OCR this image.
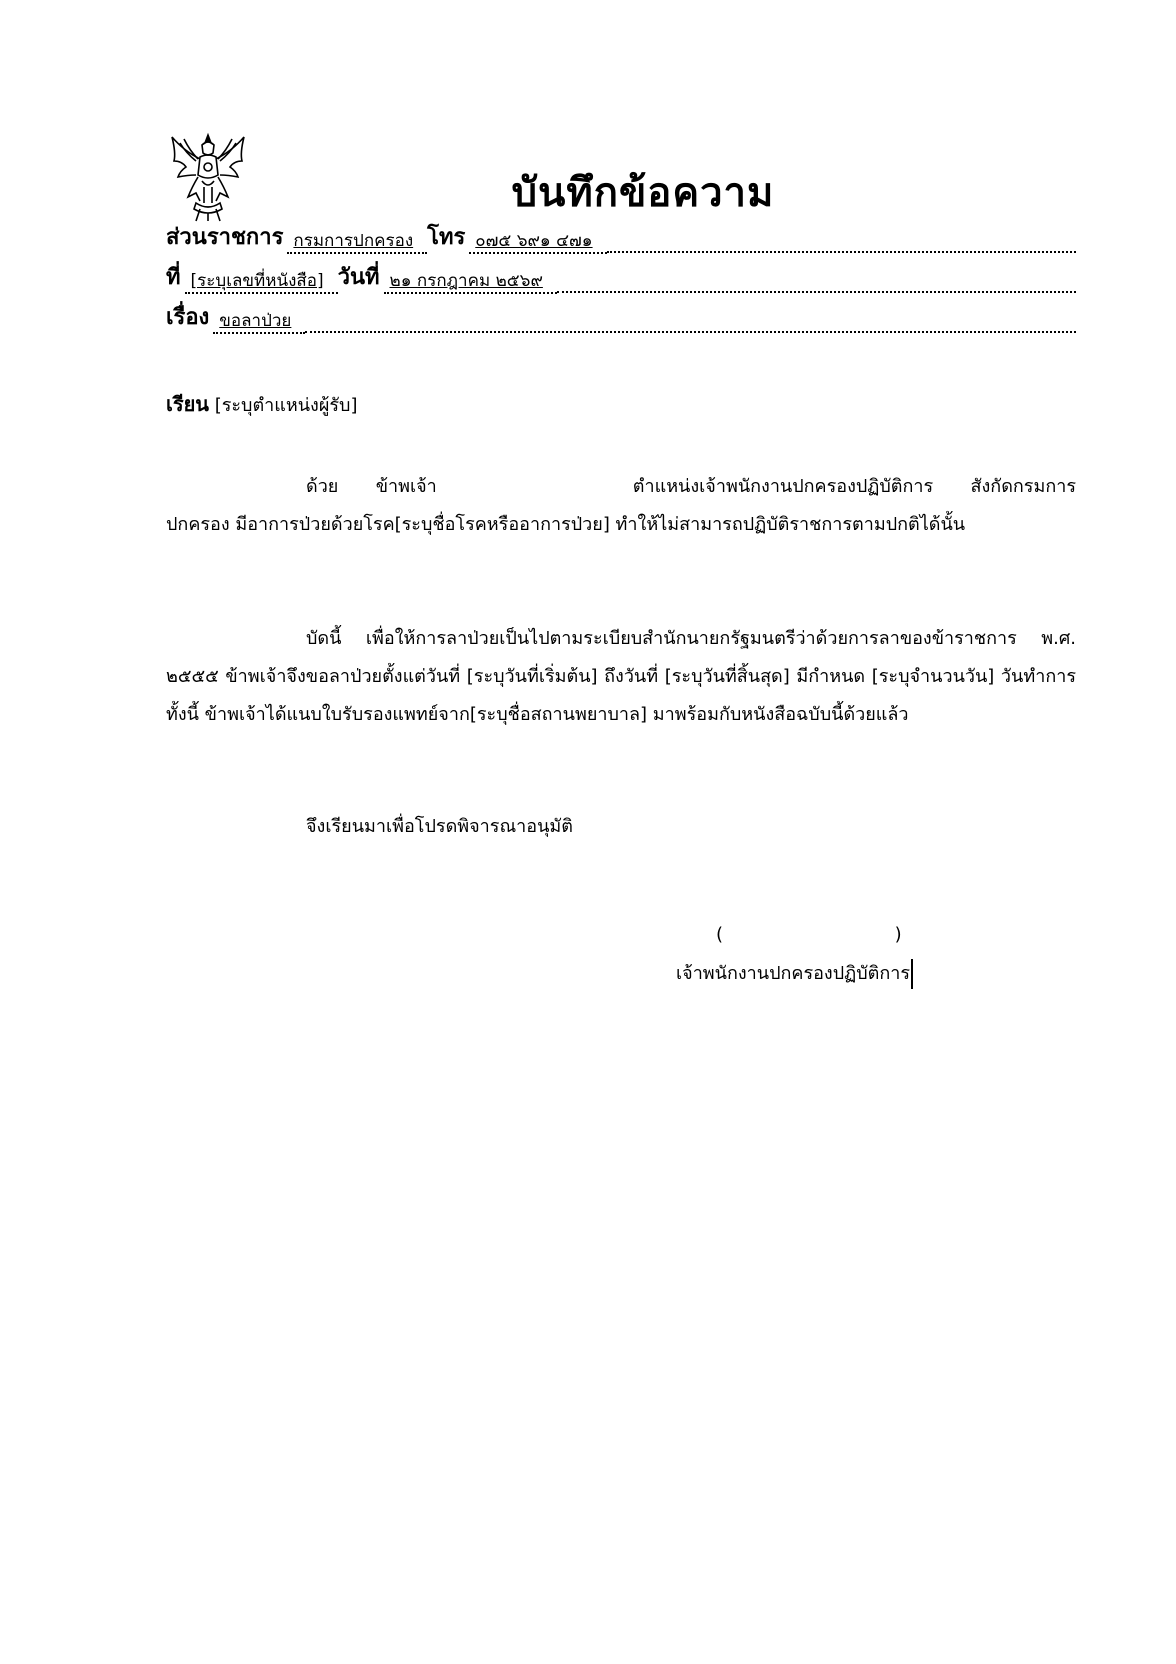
บันทึกข้อความ
ส่วนราชการ กรมการปกครอง โทร ๐๗๕ ๖๙๑ ๔๗๑
ที่ [ระบุเลขที่หนังสือ] วันที่ ๒๑ กรกฎาคม ๒๕๖๙
เรื่อง ขอลาป่วย
เรียน [ระบุตำแหน่งผู้รับ]
ด้วย ข้าพเจ้า	ตำแหน่งเจ้าพนักงานปกครองปฏิบัติการ สังกัดกรมการปกครอง มีอาการป่วยด้วยโรค[ระบุชื่อโรคหรืออาการป่วย] ทำให้ไม่สามารถปฏิบัติราชการตามปกติได้นั้น
บัดนี้ เพื่อให้การลาป่วยเป็นไปตามระเบียบสำนักนายกรัฐมนตรีว่าด้วยการลาของข้าราชการ พ.ศ. ๒๕๕๕ ข้าพเจ้าจึงขอลาป่วยตั้งแต่วันที่ [ระบุวันที่เริ่มต้น] ถึงวันที่ [ระบุวันที่สิ้นสุด] มีกำหนด [ระบุจำนวนวัน] วันทำการ ทั้งนี้ ข้าพเจ้าได้แนบใบรับรองแพทย์จาก[ระบุชื่อสถานพยาบาล] มาพร้อมกับหนังสือฉบับนี้ด้วยแล้ว
จึงเรียนมาเพื่อโปรดพิจารณาอนุมัติ
(                              )
เจ้าพนักงานปกครองปฏิบัติการ
